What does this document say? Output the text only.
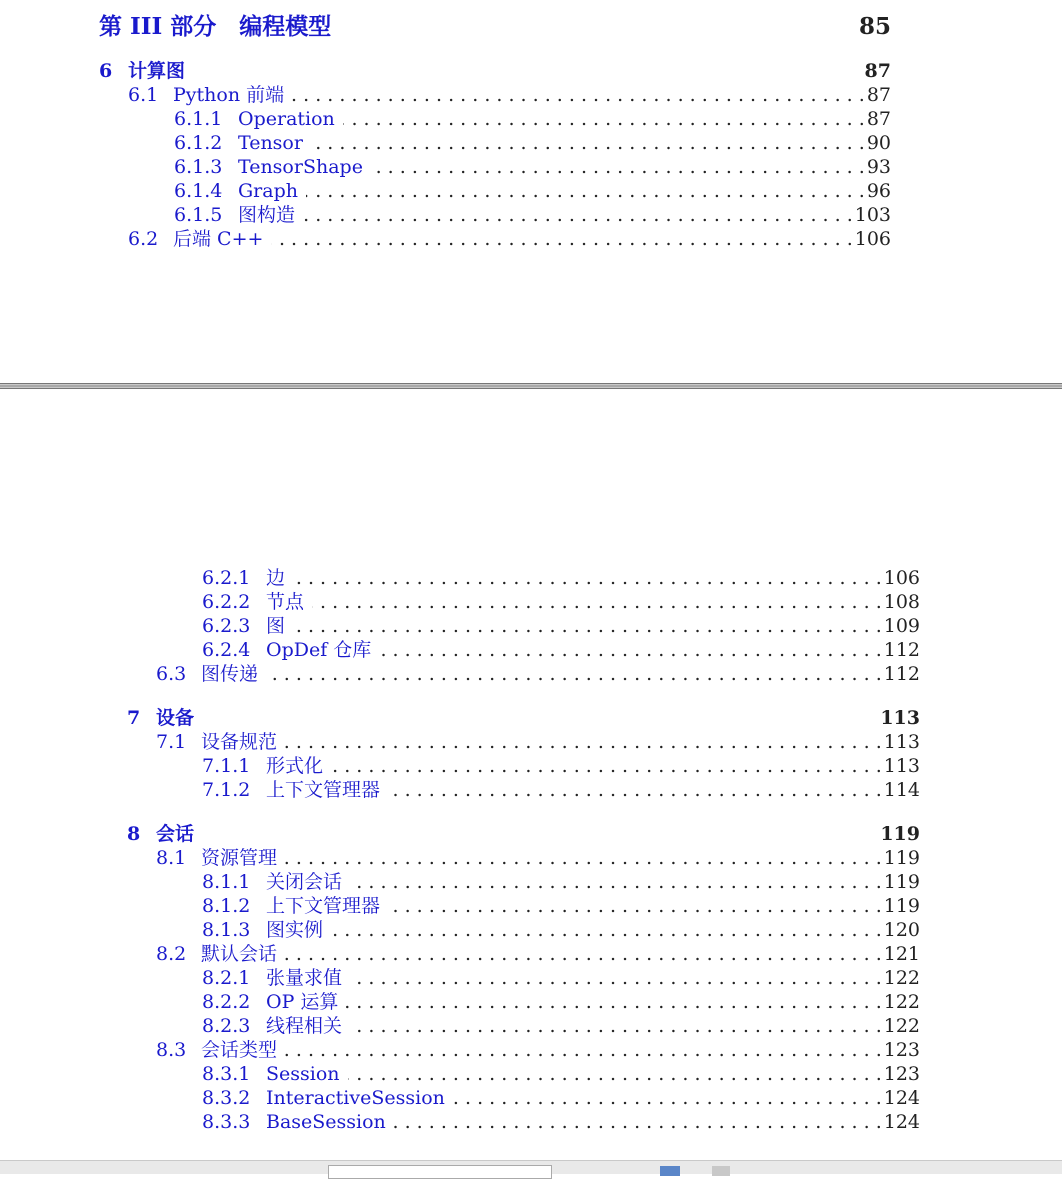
第 III 部分　编程模型	85
6 计算图	87
6.1 Python 前端	87
. . .
6.1.1 Operation	87
. . .
6.1.2 Tensor	90
. . .
6.1.3 TensorShape	93
. . .
6.1.4 Graph	96
. . .
6.1.5 图构造	103
. . .
6.2 后端 C++	106
. . .
6.2.1 边	106
. . .
6.2.2 节点	108
. . .
6.2.3 图	109
. . .
6.2.4 OpDef 仓库	112
. . .
6.3 图传递	112
. . .
7 设备	113
7.1 设备规范	113
. . .
7.1.1 形式化	113
. . .
7.1.2 上下文管理器	114
. . .
8 会话	119
8.1 资源管理	119
. . .
8.1.1 关闭会话	119
. . .
8.1.2 上下文管理器	119
. . .
8.1.3 图实例	120
. . .
8.2 默认会话	121
. . .
8.2.1 张量求值	122
. . .
8.2.2 OP 运算	122
. . .
8.2.3 线程相关	122
. . .
8.3 会话类型	123
. . .
8.3.1 Session	123
. . .
8.3.2 InteractiveSession	124
. . .
8.3.3 BaseSession	124
. . .
